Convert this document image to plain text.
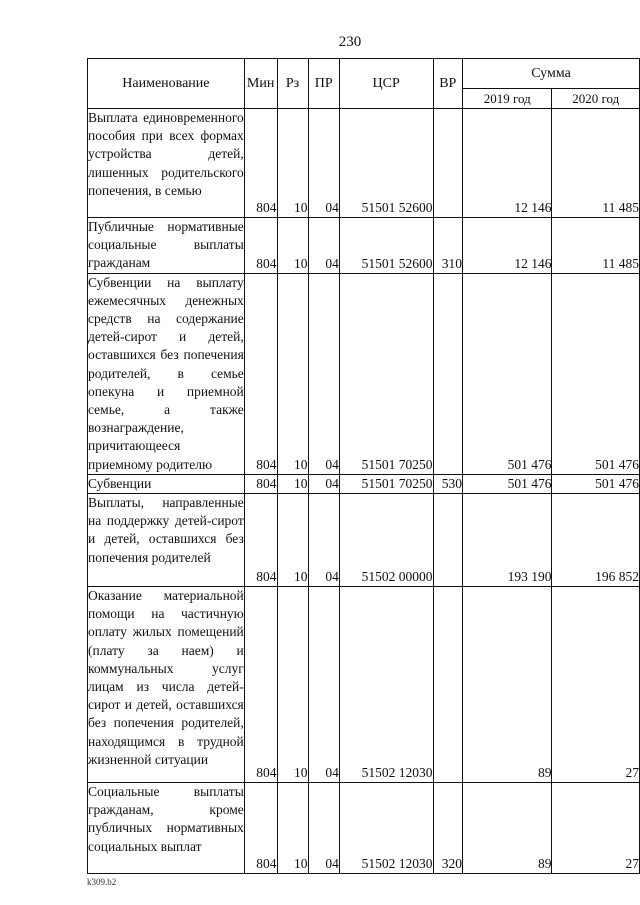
230
Наименование	Мин	Рз	ПР	ЦСР	ВР	Сумма	
						2019 год	2020 год
Выплата единовременного пособия при всех формах устройства детей, лишенных родительского попечения, в семью	804	10	04	51501 52600		12 146	11 485
Публичные нормативные социальные выплаты гражданам	804	10	04	51501 52600	310	12 146	11 485
Субвенции на выплату ежемесячных денежных средств на содержание детей-сирот и детей, оставшихся без попечения родителей, в семье опекуна и приемной семье, а также вознаграждение, причитающееся приемному родителю	804	10	04	51501 70250		501 476	501 476
Субвенции	804	10	04	51501 70250	530	501 476	501 476
Выплаты, направленные на поддержку детей-сирот и детей, оставшихся без попечения родителей	804	10	04	51502 00000		193 190	196 852
Оказание материальной помощи на частичную оплату жилых помещений (плату за наем) и коммунальных услуг лицам из числа детей-сирот и детей, оставшихся без попечения родителей, находящимся в трудной жизненной ситуации	804	10	04	51502 12030		89	27
Социальные выплаты гражданам, кроме публичных нормативных социальных выплат	804	10	04	51502 12030	320	89	27
k309.b2
